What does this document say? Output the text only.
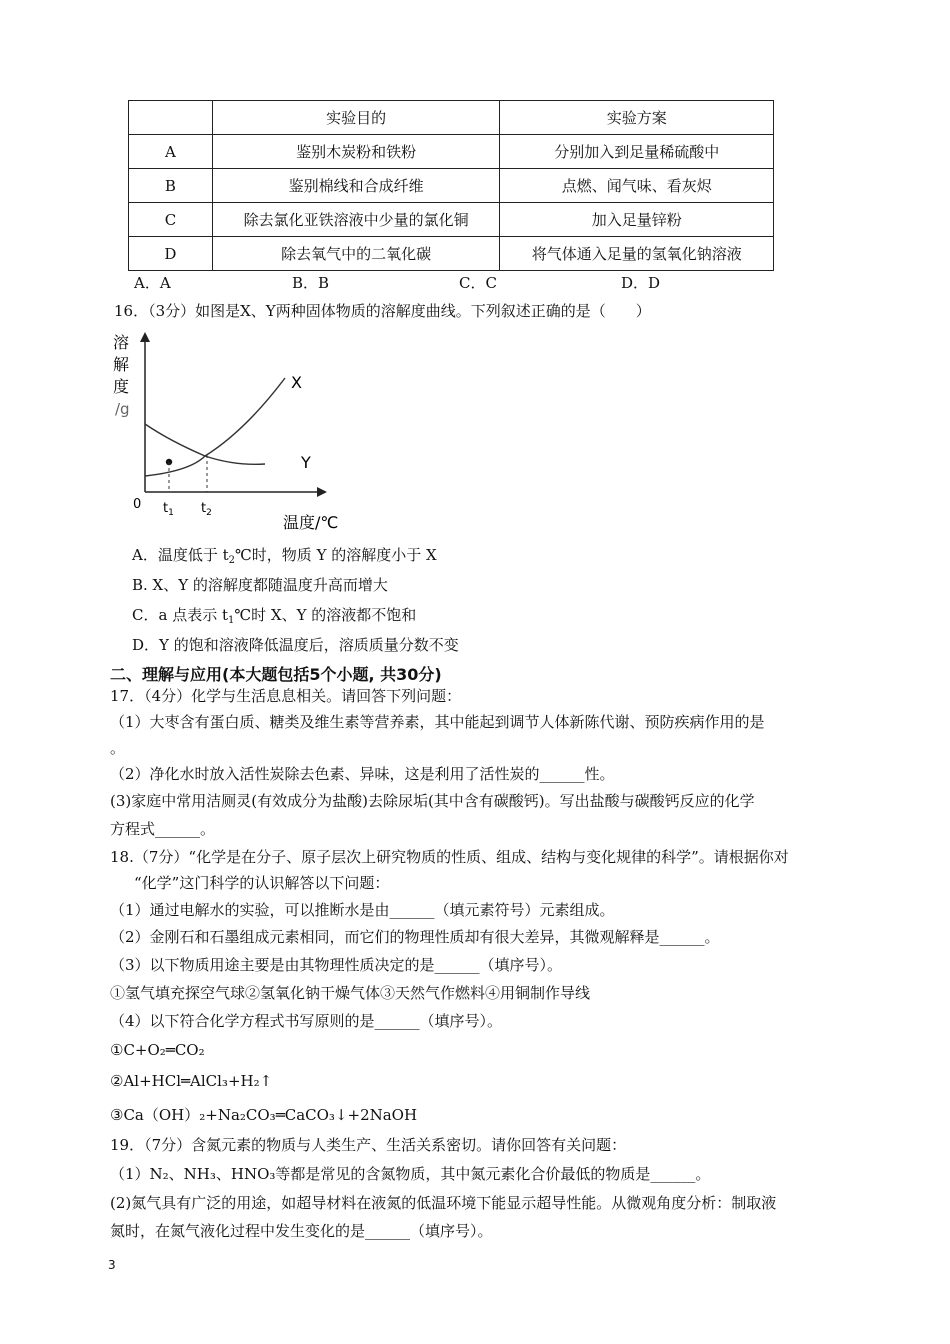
	实验目的	实验方案
A	鉴别木炭粉和铁粉	分别加入到足量稀硫酸中
B	鉴别棉线和合成纤维	点燃、闻气味、看灰烬
C	除去氯化亚铁溶液中少量的氯化铜	加入足量锌粉
D	除去氧气中的二氧化碳	将气体通入足量的氢氧化钠溶液
A．A	B．B	C．C	D．D
16．（3分）如图是X、Y两种固体物质的溶解度曲线。下列叙述正确的是（　　）
溶
解
度
/g
0
X
Y
$t_1$ $t_2$	温度/℃
A．温度低于 $t_2℃$时，物质 Y 的溶解度小于 X
B. X、Y 的溶解度都随温度升高而增大
C．a 点表示 $t_1℃$时 X、Y 的溶液都不饱和
D．Y 的饱和溶液降低温度后，溶质质量分数不变
二、理解与应用(本大题包括5个小题, 共30分)
17．（4分）化学与生活息息相关。请回答下列问题：
（1）大枣含有蛋白质、糖类及维生素等营养素，其中能起到调节人体新陈代谢、预防疾病作用的是
。
（2）净化水时放入活性炭除去色素、异味，这是利用了活性炭的______性。
(3)家庭中常用洁厕灵(有效成分为盐酸)去除尿垢(其中含有碳酸钙)。写出盐酸与碳酸钙反应的化学
方程式______。
18.（7分）“化学是在分子、原子层次上研究物质的性质、组成、结构与变化规律的科学”。请根据你对
“化学”这门科学的认识解答以下问题：
（1）通过电解水的实验，可以推断水是由______（填元素符号）元素组成。
（2）金刚石和石墨组成元素相同，而它们的物理性质却有很大差异，其微观解释是______。
（3）以下物质用途主要是由其物理性质决定的是______（填序号）。
①氢气填充探空气球②氢氧化钠干燥气体③天然气作燃料④用铜制作导线
（4）以下符合化学方程式书写原则的是______（填序号）。
①C+O₂═CO₂
②Al+HCl═AlCl₃+H₂↑
③Ca（OH）₂+Na₂CO₃═CaCO₃↓+2NaOH
19．（7分）含氮元素的物质与人类生产、生活关系密切。请你回答有关问题：
（1）N₂、NH₃、HNO₃等都是常见的含氮物质，其中氮元素化合价最低的物质是______。
(2)氮气具有广泛的用途，如超导材料在液氮的低温环境下能显示超导性能。从微观角度分析：制取液
氮时，在氮气液化过程中发生变化的是______（填序号）。
3
